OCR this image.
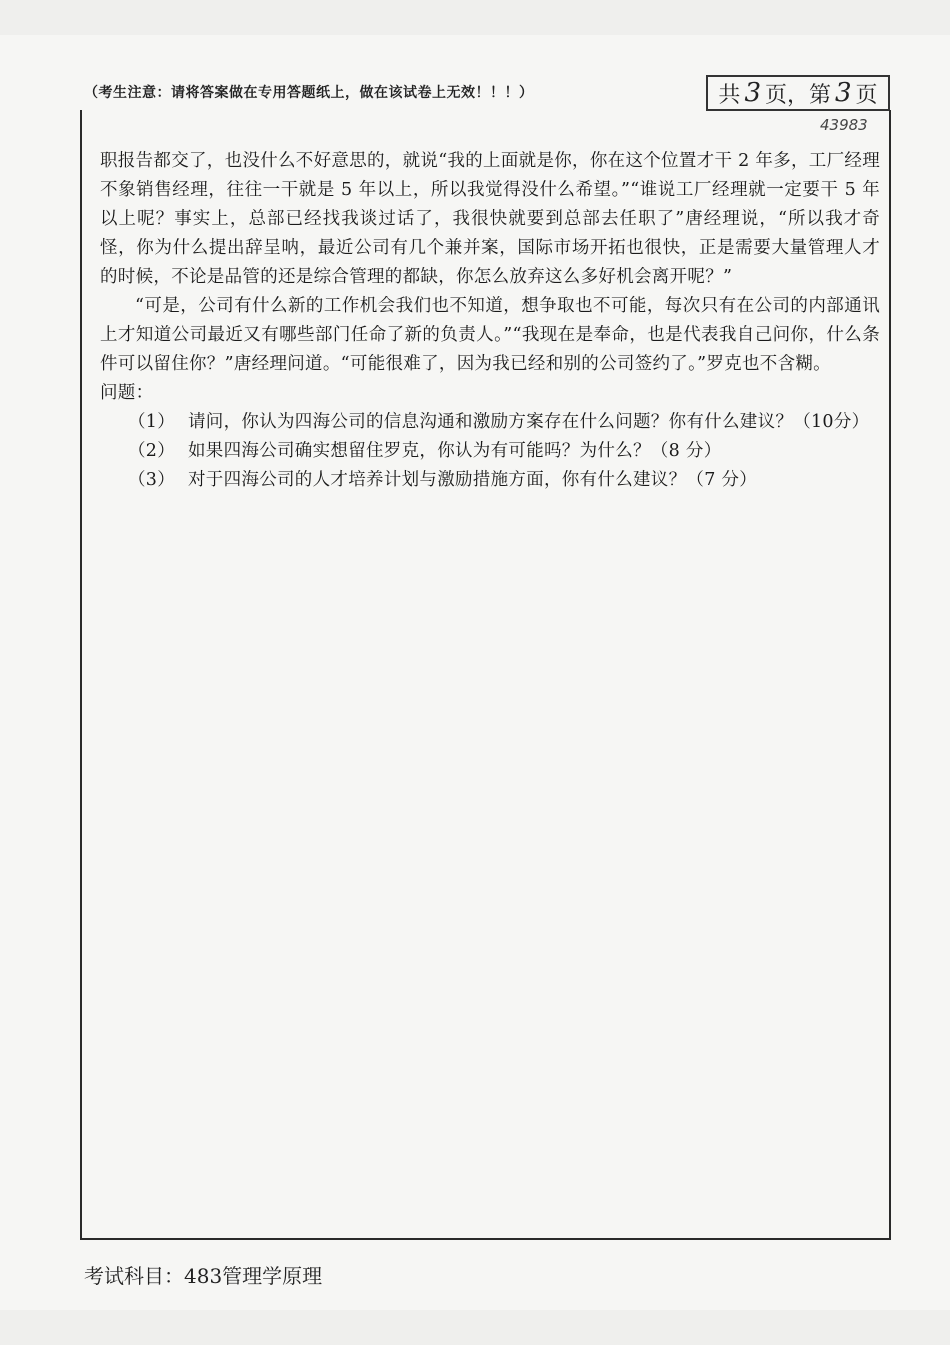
（考生注意：请将答案做在专用答题纸上，做在该试卷上无效！！！）	共 3 页，第 3 页
43983

职报告都交了，也没什么不好意思的，就说“我的上面就是你，你在这个位置才干 2 年多，工厂经理不象销售经理，往往一干就是 5 年以上，所以我觉得没什么希望。”“谁说工厂经理就一定要干 5 年以上呢？事实上，总部已经找我谈过话了，我很快就要到总部去任职了”唐经理说，“所以我才奇怪，你为什么提出辞呈呐，最近公司有几个兼并案，国际市场开拓也很快，正是需要大量管理人才的时候，不论是品管的还是综合管理的都缺，你怎么放弃这么多好机会离开呢？”

“可是，公司有什么新的工作机会我们也不知道，想争取也不可能，每次只有在公司的内部通讯上才知道公司最近又有哪些部门任命了新的负责人。”“我现在是奉命，也是代表我自己问你，什么条件可以留住你？”唐经理问道。“可能很难了，因为我已经和别的公司签约了。”罗克也不含糊。

问题：

（1） 请问，你认为四海公司的信息沟通和激励方案存在什么问题？你有什么建议？（10分）
（2） 如果四海公司确实想留住罗克，你认为有可能吗？为什么？（8 分）
（3） 对于四海公司的人才培养计划与激励措施方面，你有什么建议？（7 分）
考试科目：483管理学原理
